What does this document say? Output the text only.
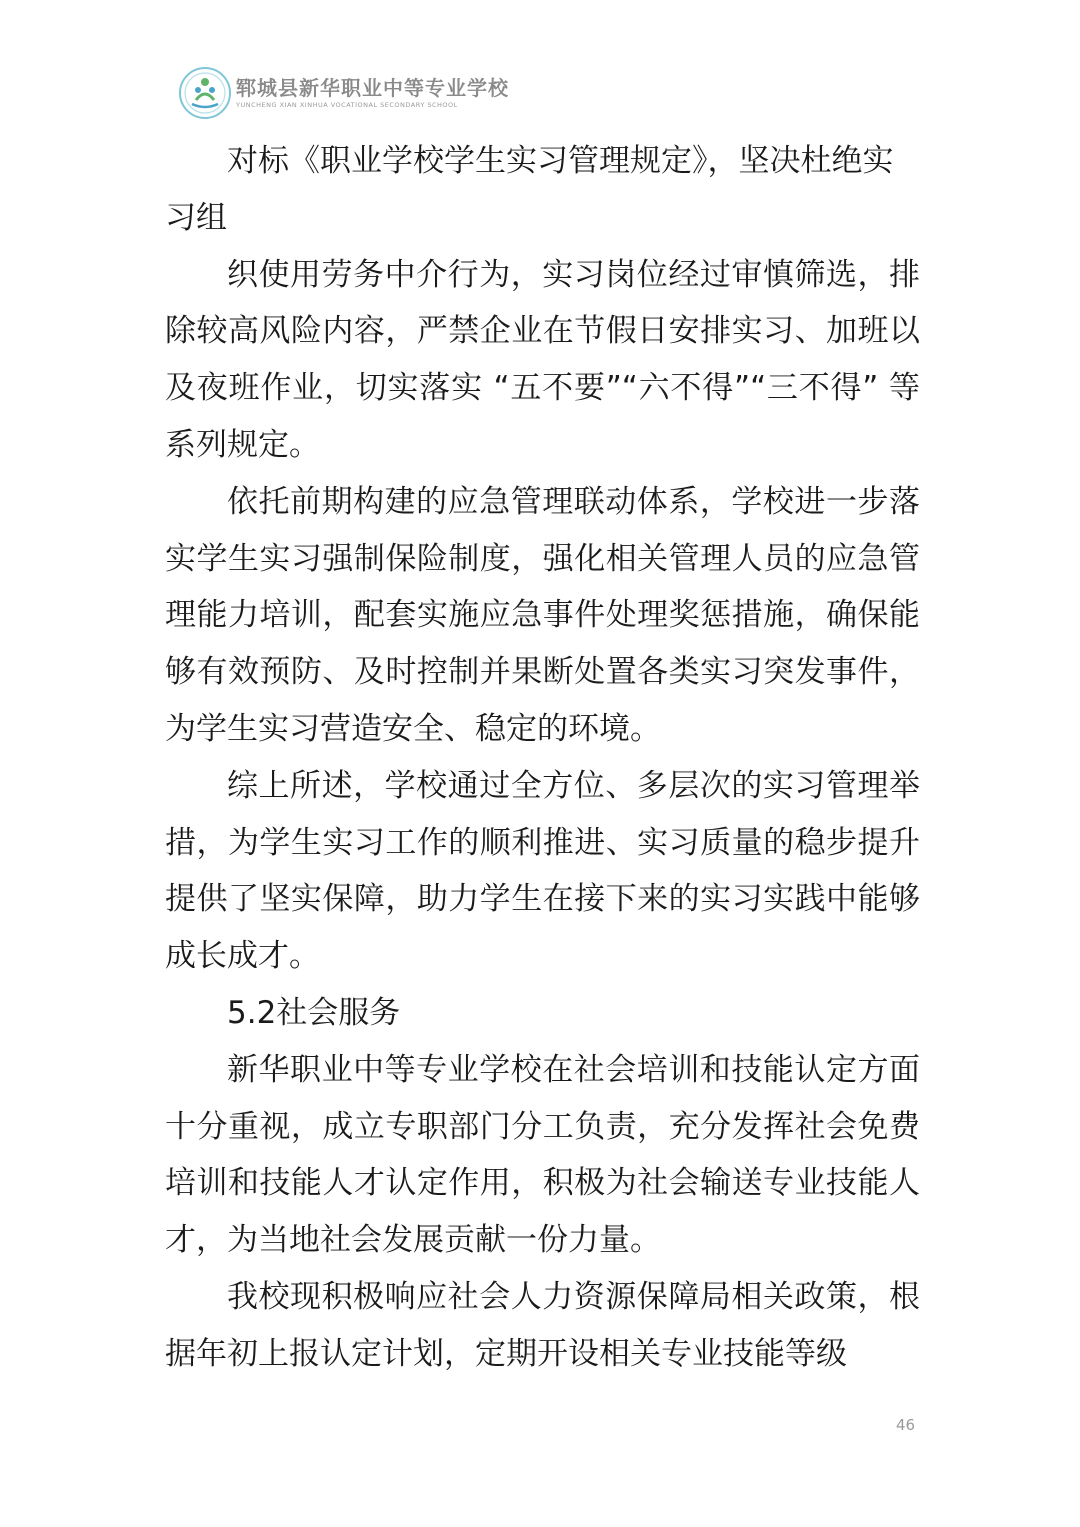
郓城县新华职业中等专业学校
YUNCHENG XIAN XINHUA VOCATIONAL SECONDARY SCHOOL

对标《职业学校学生实习管理规定》，坚决杜绝实

习组

织使用劳务中介行为，实习岗位经过审慎筛选，排除较高风险内容，严禁企业在节假日安排实习、加班以及夜班作业，切实落实 “五不要”“六不得”“三不得” 等系列规定。

依托前期构建的应急管理联动体系，学校进一步落实学生实习强制保险制度，强化相关管理人员的应急管理能力培训，配套实施应急事件处理奖惩措施，确保能够有效预防、及时控制并果断处置各类实习突发事件，为学生实习营造安全、稳定的环境。

综上所述，学校通过全方位、多层次的实习管理举措，为学生实习工作的顺利推进、实习质量的稳步提升提供了坚实保障，助力学生在接下来的实习实践中能够成长成才。

5.2社会服务

新华职业中等专业学校在社会培训和技能认定方面十分重视，成立专职部门分工负责，充分发挥社会免费培训和技能人才认定作用，积极为社会输送专业技能人才，为当地社会发展贡献一份力量。

我校现积极响应社会人力资源保障局相关政策，根据年初上报认定计划，定期开设相关专业技能等级

46
